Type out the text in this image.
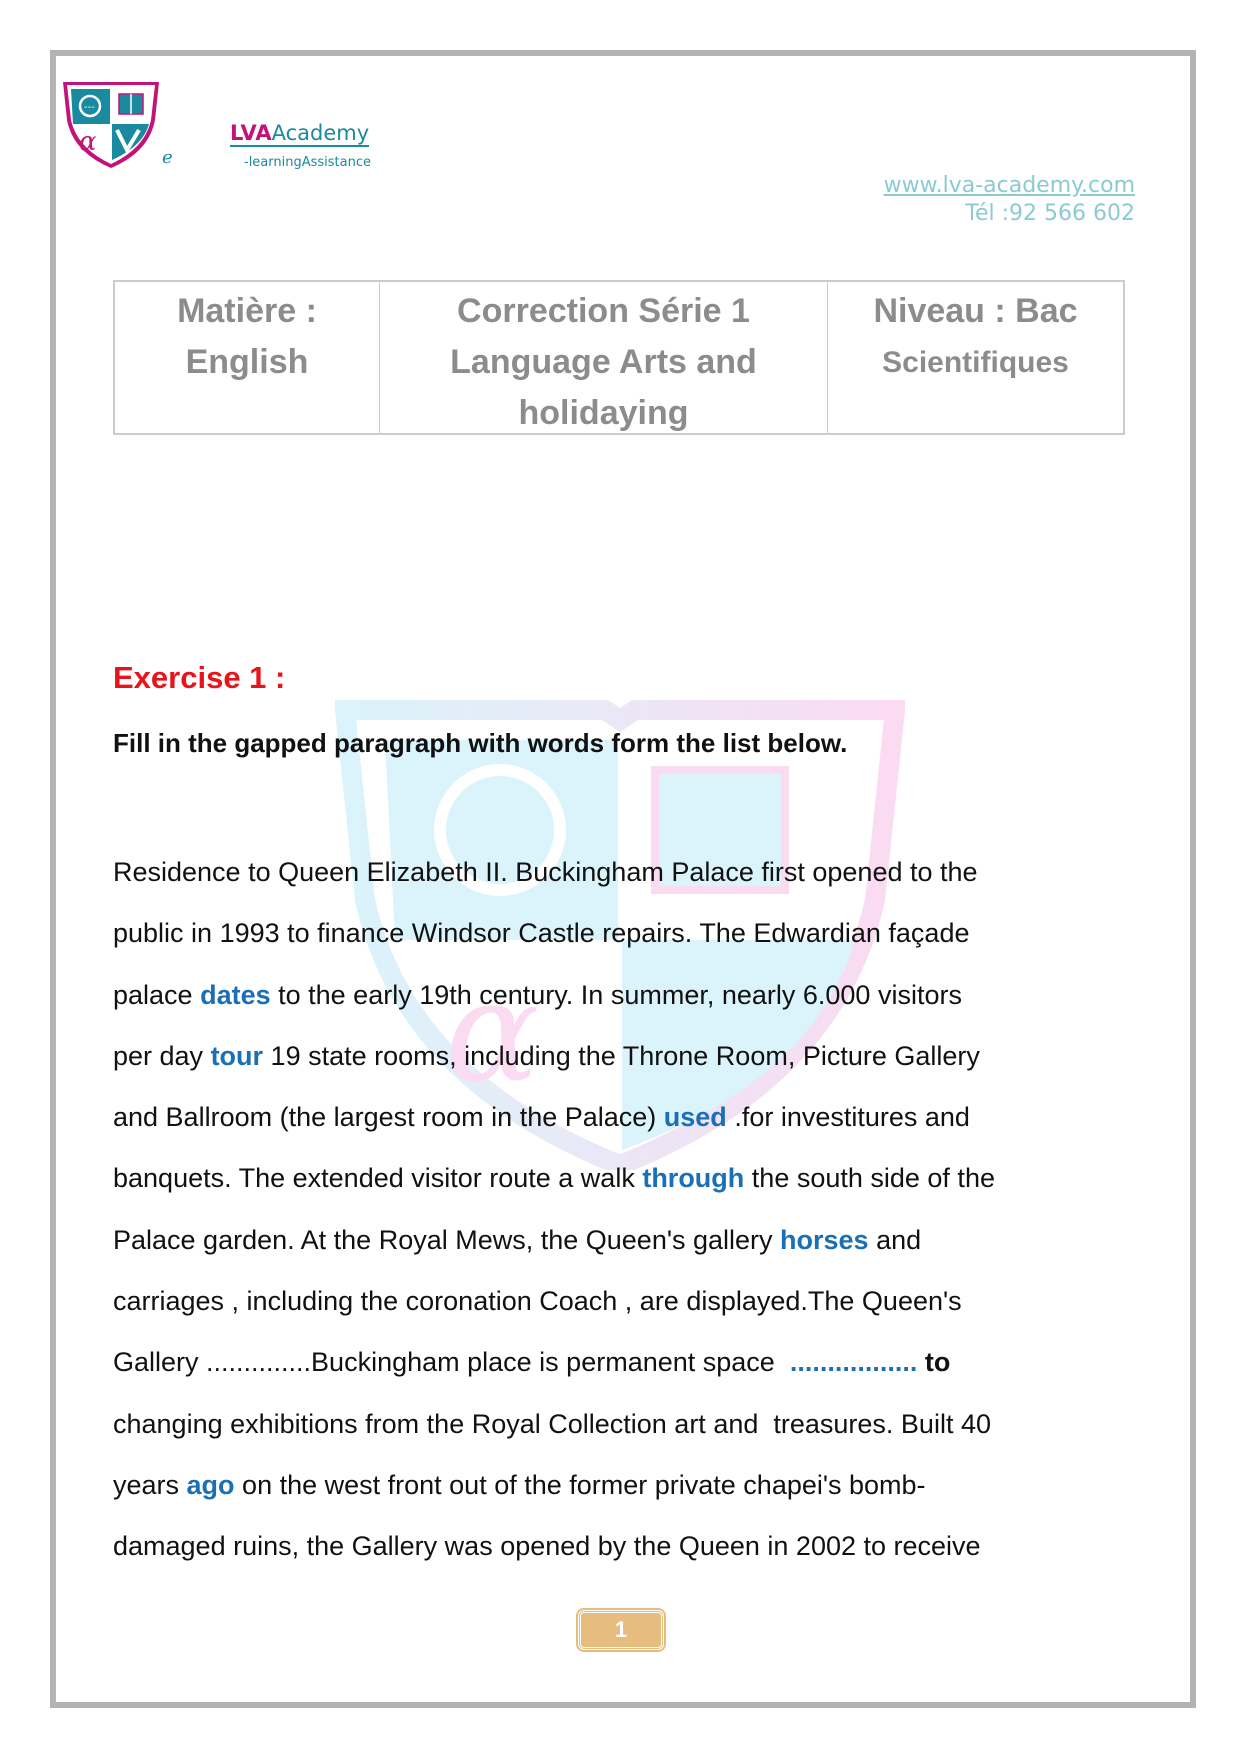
---
α
e
LVAAcademy
-learningAssistance
www.lva-academy.com
Tél :92 566 602
Matière :
English
Correction Série 1
Language Arts and
holidaying
Niveau : Bac
Scientifiques
α
Exercise 1 :
Fill in the gapped paragraph with words form the list below.
Residence to Queen Elizabeth II. Buckingham Palace first opened to the
public in 1993 to finance Windsor Castle repairs. The Edwardian façade
palace dates to the early 19th century. In summer, nearly 6.000 visitors
per day tour 19 state rooms, including the Throne Room, Picture Gallery
and Ballroom (the largest room in the Palace) used .for investitures and
banquets. The extended visitor route a walk through the south side of the
Palace garden. At the Royal Mews, the Queen's gallery horses and
carriages , including the coronation Coach , are displayed.The Queen's
Gallery ..............Buckingham place is permanent space  ................. to
changing exhibitions from the Royal Collection art and  treasures. Built 40
years ago on the west front out of the former private chapei's bomb-
damaged ruins, the Gallery was opened by the Queen in 2002 to receive
1
